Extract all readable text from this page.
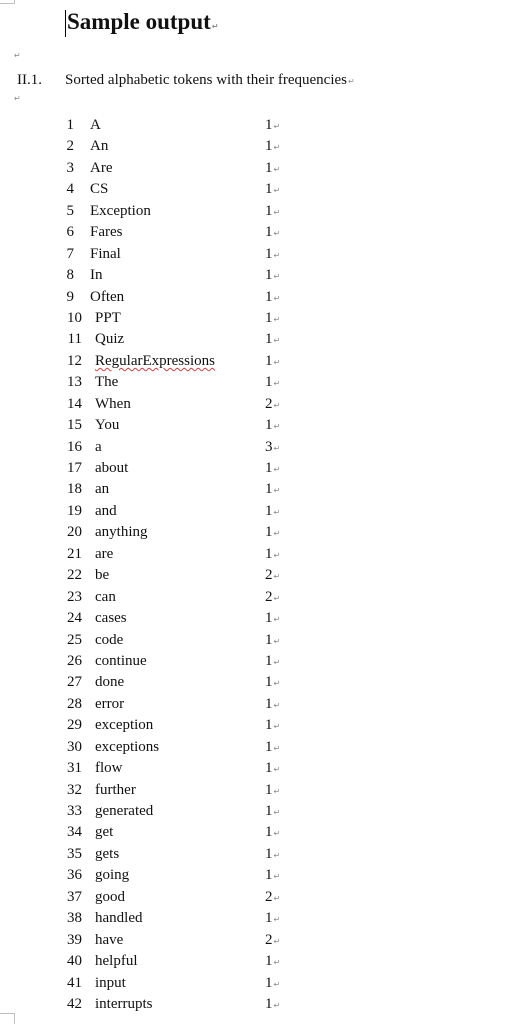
Sample output↵
↵
II.1. Sorted alphabetic tokens with their frequencies↵
↵
1 A	1↵
2 An	1↵
3 Are	1↵
4 CS	1↵
5 Exception	1↵
6 Fares	1↵
7 Final	1↵
8 In	1↵
9 Often	1↵
10 PPT	1↵
11 Quiz	1↵
12 RegularExpressions	1↵
13 The	1↵
14 When	2↵
15 You	1↵
16 a	3↵
17 about	1↵
18 an	1↵
19 and	1↵
20 anything	1↵
21 are	1↵
22 be	2↵
23 can	2↵
24 cases	1↵
25 code	1↵
26 continue	1↵
27 done	1↵
28 error	1↵
29 exception	1↵
30 exceptions	1↵
31 flow	1↵
32 further	1↵
33 generated	1↵
34 get	1↵
35 gets	1↵
36 going	1↵
37 good	2↵
38 handled	1↵
39 have	2↵
40 helpful	1↵
41 input	1↵
42 interrupts	1↵
